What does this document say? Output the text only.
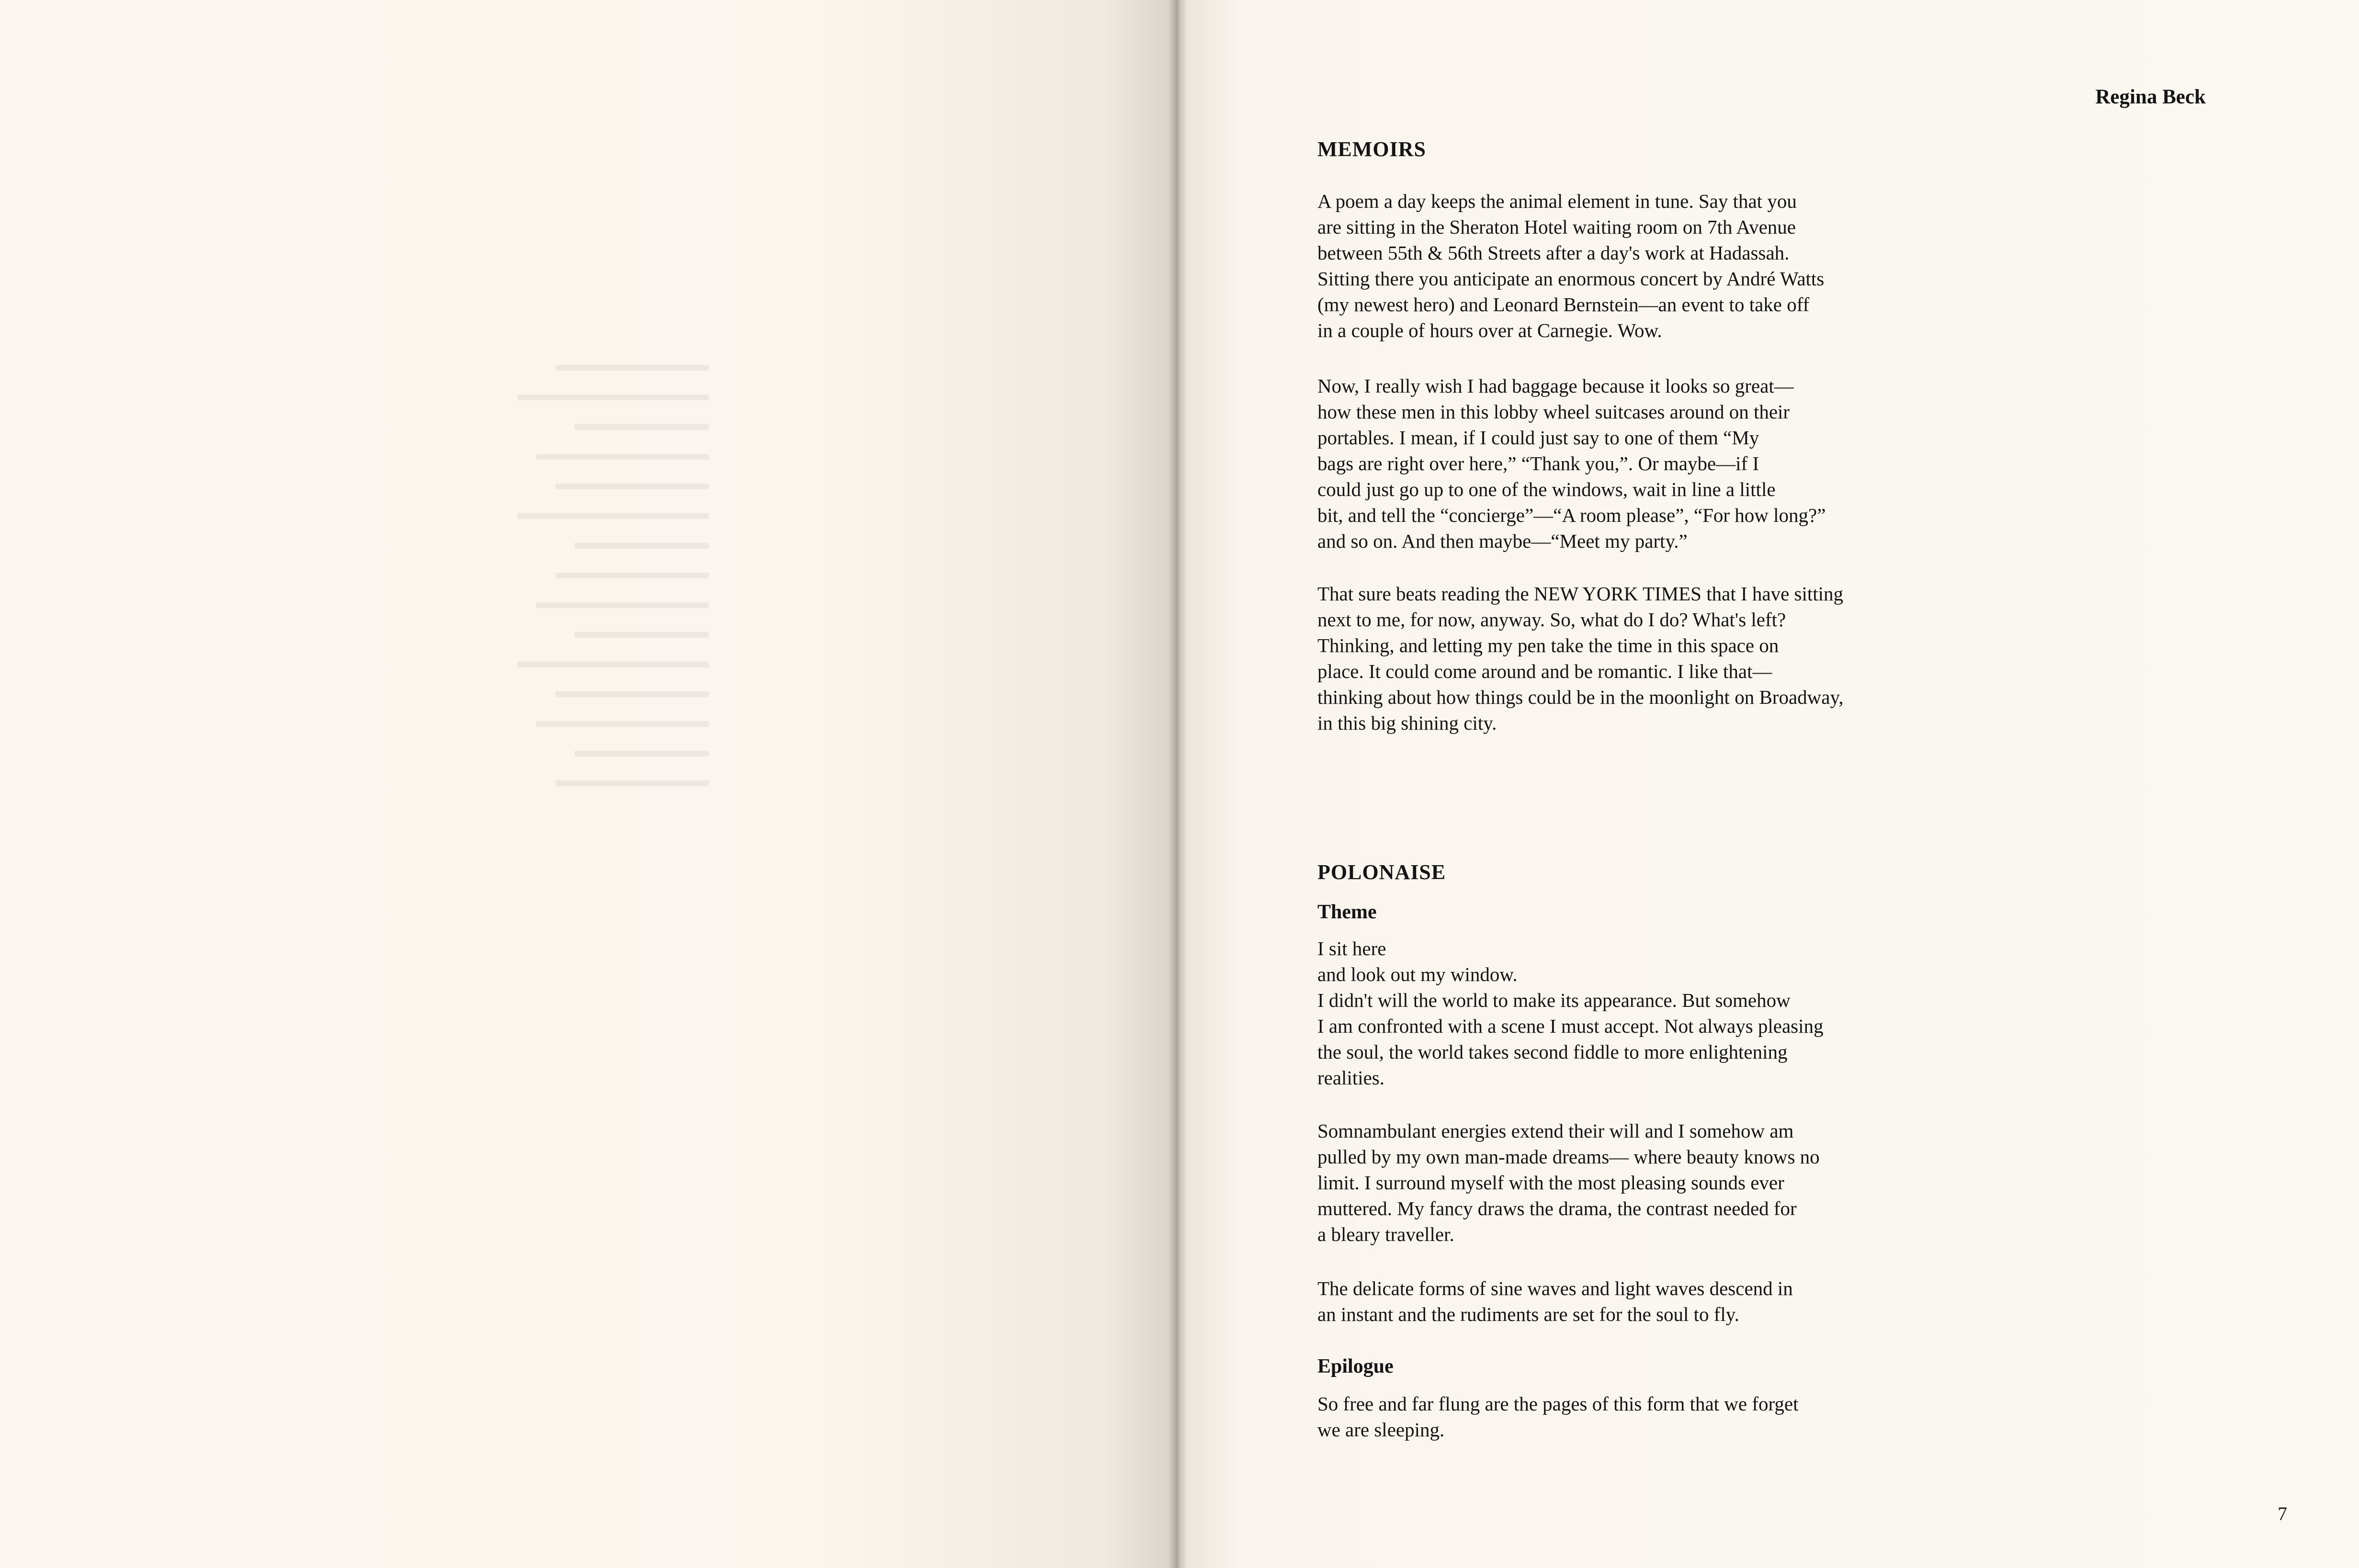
▬▬▬▬▬▬▬▬
▬▬▬▬▬▬▬▬▬▬
▬▬▬▬▬▬▬
▬▬▬▬▬▬▬▬▬
▬▬▬▬▬▬▬▬
▬▬▬▬▬▬▬▬▬▬
▬▬▬▬▬▬▬
▬▬▬▬▬▬▬▬
▬▬▬▬▬▬▬▬▬
▬▬▬▬▬▬▬
▬▬▬▬▬▬▬▬▬▬
▬▬▬▬▬▬▬▬
▬▬▬▬▬▬▬▬▬
▬▬▬▬▬▬▬
▬▬▬▬▬▬▬▬
Regina Beck
MEMOIRS
A poem a day keeps the animal element in tune. Say that you
are sitting in the Sheraton Hotel waiting room on 7th Avenue
between 55th & 56th Streets after a day's work at Hadassah.
Sitting there you anticipate an enormous concert by André Watts
(my newest hero) and Leonard Bernstein—an event to take off
in a couple of hours over at Carnegie. Wow.
Now, I really wish I had baggage because it looks so great—
how these men in this lobby wheel suitcases around on their
portables. I mean, if I could just say to one of them “My
bags are right over here,” “Thank you,”. Or maybe—if I
could just go up to one of the windows, wait in line a little
bit, and tell the “concierge”—“A room please”, “For how long?”
and so on. And then maybe—“Meet my party.”
That sure beats reading the NEW YORK TIMES that I have sitting
next to me, for now, anyway. So, what do I do? What's left?
Thinking, and letting my pen take the time in this space on
place. It could come around and be romantic. I like that—
thinking about how things could be in the moonlight on Broadway,
in this big shining city.
POLONAISE
Theme
I sit here
and look out my window.
I didn't will the world to make its appearance. But somehow
I am confronted with a scene I must accept. Not always pleasing
the soul, the world takes second fiddle to more enlightening
realities.
Somnambulant energies extend their will and I somehow am
pulled by my own man-made dreams— where beauty knows no
limit. I surround myself with the most pleasing sounds ever
muttered. My fancy draws the drama, the contrast needed for
a bleary traveller.
The delicate forms of sine waves and light waves descend in
an instant and the rudiments are set for the soul to fly.
Epilogue
So free and far flung are the pages of this form that we forget
we are sleeping.
7
